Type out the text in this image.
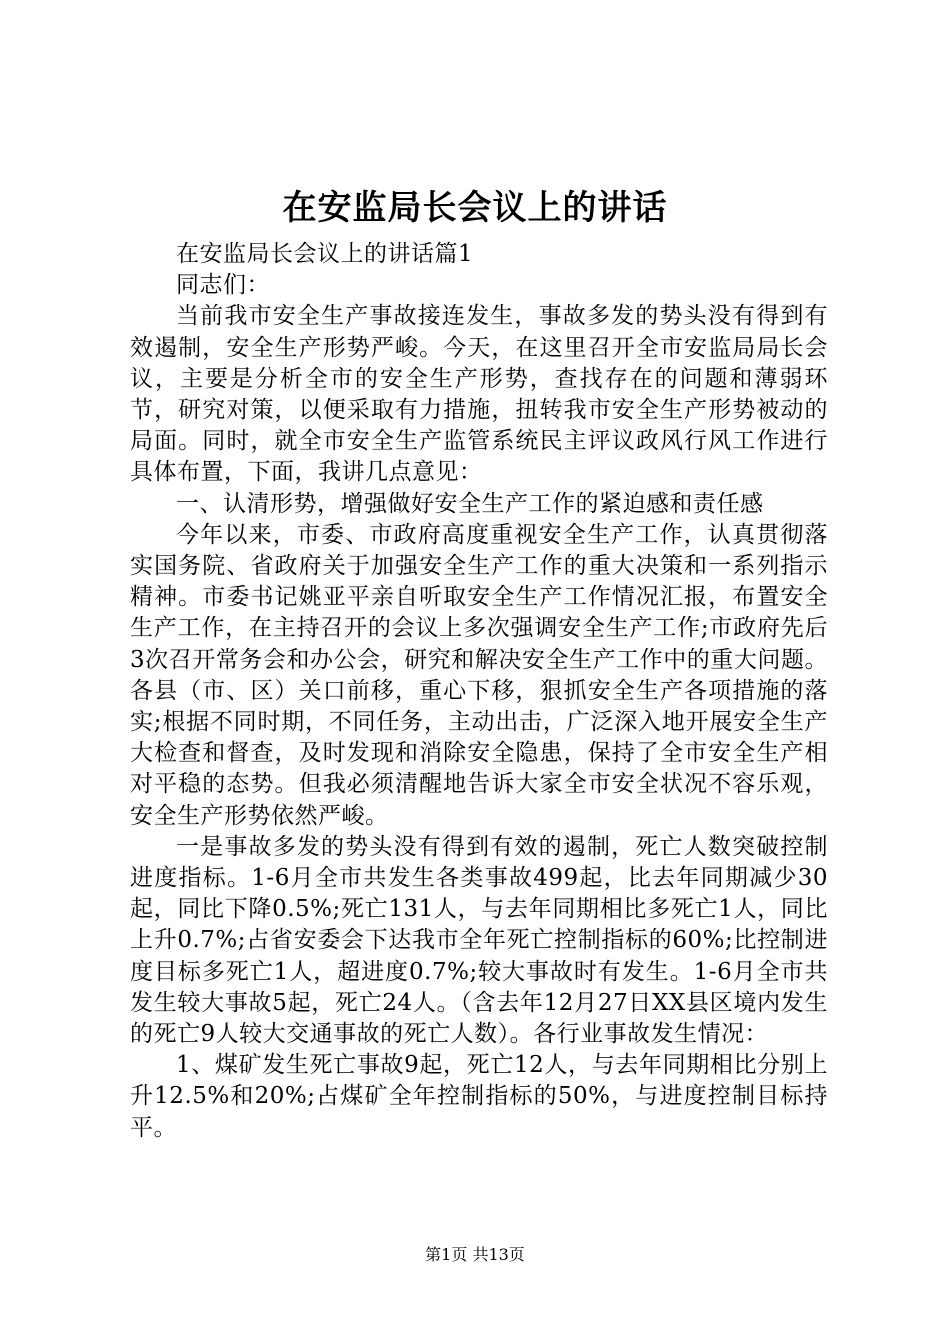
在安监局长会议上的讲话

在安监局长会议上的讲话篇1

同志们：

当前我市安全生产事故接连发生，事故多发的势头没有得到有效遏制，安全生产形势严峻。今天，在这里召开全市安监局局长会议，主要是分析全市的安全生产形势，查找存在的问题和薄弱环节，研究对策，以便采取有力措施，扭转我市安全生产形势被动的局面。同时，就全市安全生产监管系统民主评议政风行风工作进行具体布置，下面，我讲几点意见：

一、认清形势，增强做好安全生产工作的紧迫感和责任感

今年以来，市委、市政府高度重视安全生产工作，认真贯彻落实国务院、省政府关于加强安全生产工作的重大决策和一系列指示精神。市委书记姚亚平亲自听取安全生产工作情况汇报，布置安全生产工作，在主持召开的会议上多次强调安全生产工作;市政府先后3次召开常务会和办公会，研究和解决安全生产工作中的重大问题。各县（市、区）关口前移，重心下移，狠抓安全生产各项措施的落实;根据不同时期，不同任务，主动出击，广泛深入地开展安全生产大检查和督查，及时发现和消除安全隐患，保持了全市安全生产相对平稳的态势。但我必须清醒地告诉大家全市安全状况不容乐观，安全生产形势依然严峻。

一是事故多发的势头没有得到有效的遏制，死亡人数突破控制进度指标。1-6月全市共发生各类事故499起，比去年同期减少30起，同比下降0.5%;死亡131人，与去年同期相比多死亡1人，同比上升0.7%;占省安委会下达我市全年死亡控制指标的60%;比控制进度目标多死亡1人，超进度0.7%;较大事故时有发生。1-6月全市共发生较大事故5起，死亡24人。（含去年12月27日XX县区境内发生的死亡9人较大交通事故的死亡人数）。各行业事故发生情况：

1、煤矿发生死亡事故9起，死亡12人，与去年同期相比分别上升12.5%和20%;占煤矿全年控制指标的50%，与进度控制目标持平。

第1页 共13页
